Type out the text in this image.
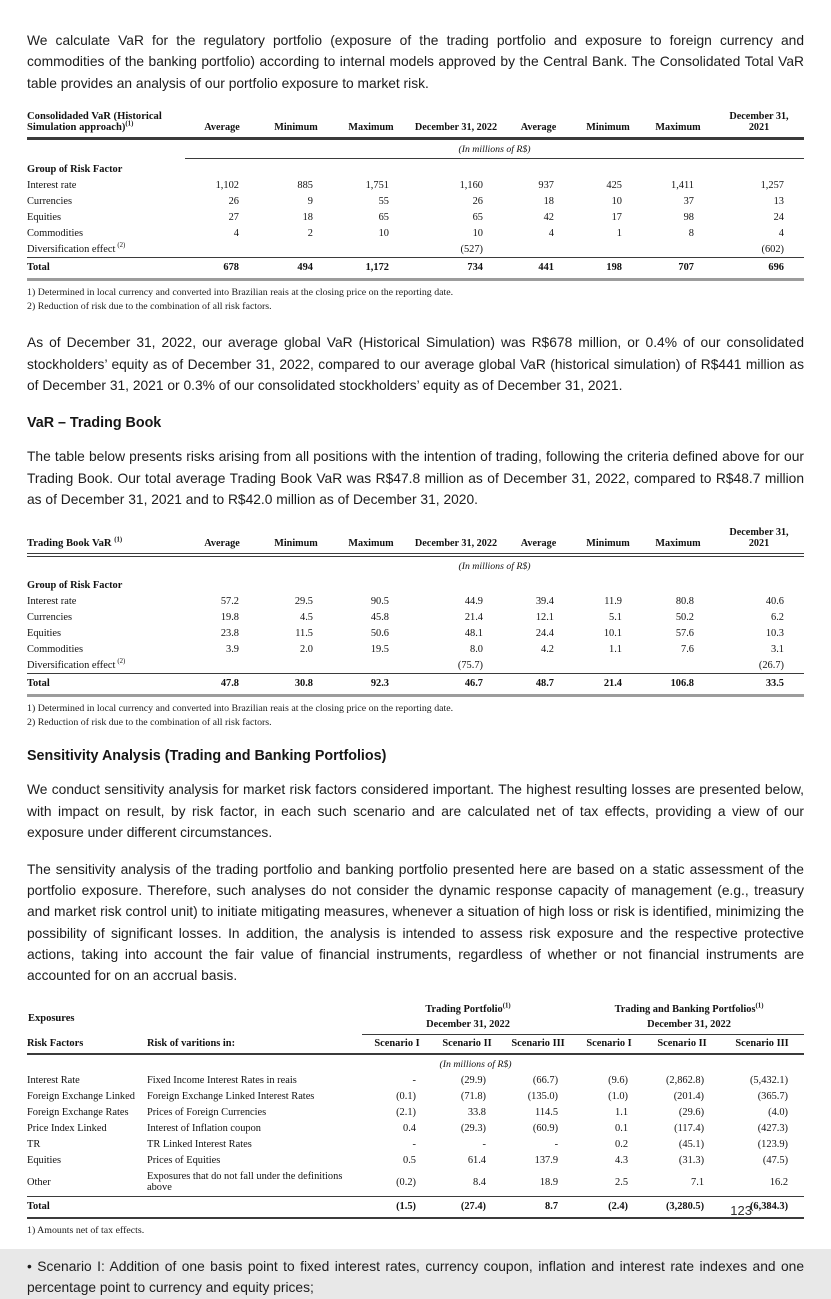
We calculate VaR for the regulatory portfolio (exposure of the trading portfolio and exposure to foreign currency and commodities of the banking portfolio) according to internal models approved by the Central Bank. The Consolidated Total VaR table provides an analysis of our portfolio exposure to market risk.

Consolidaded VaR (Historical Simulation approach)$^{(1)}$	Average	Minimum	Maximum	December 31, 2022	Average	Minimum	Maximum	December 31, 2021
	(In millions of R$)							
Group of Risk Factor								
Interest rate	1,102	885	1,751	1,160	937	425	1,411	1,257
Currencies	26	9	55	26	18	10	37	13
Equities	27	18	65	65	42	17	98	24
Commodities	4	2	10	10	4	1	8	4
Diversification effect $^{(2)}$				(527)				(602)
Total	678	494	1,172	734	441	198	707	696

1) Determined in local currency and converted into Brazilian reais at the closing price on the reporting date.

2) Reduction of risk due to the combination of all risk factors.

As of December 31, 2022, our average global VaR (Historical Simulation) was R$678 million, or 0.4% of our consolidated stockholders’ equity as of December 31, 2022, compared to our average global VaR (historical simulation) of R$441 million as of December 31, 2021 or 0.3% of our consolidated stockholders’ equity as of December 31, 2021.

VaR – Trading Book

The table below presents risks arising from all positions with the intention of trading, following the criteria defined above for our Trading Book. Our total average Trading Book VaR was R$47.8 million as of December 31, 2022, compared to R$48.7 million as of December 31, 2021 and to R$42.0 million as of December 31, 2020.

Trading Book VaR $^{(1)}$	Average	Minimum	Maximum	December 31, 2022	Average	Minimum	Maximum	December 31, 2021
	(In millions of R$)							
Group of Risk Factor								
Interest rate	57.2	29.5	90.5	44.9	39.4	11.9	80.8	40.6
Currencies	19.8	4.5	45.8	21.4	12.1	5.1	50.2	6.2
Equities	23.8	11.5	50.6	48.1	24.4	10.1	57.6	10.3
Commodities	3.9	2.0	19.5	8.0	4.2	1.1	7.6	3.1
Diversification effect $^{(2)}$				(75.7)				(26.7)
Total	47.8	30.8	92.3	46.7	48.7	21.4	106.8	33.5

1) Determined in local currency and converted into Brazilian reais at the closing price on the reporting date.

2) Reduction of risk due to the combination of all risk factors.

Sensitivity Analysis (Trading and Banking Portfolios)

We conduct sensitivity analysis for market risk factors considered important. The highest resulting losses are presented below, with impact on result, by risk factor, in each such scenario and are calculated net of tax effects, providing a view of our exposure under different circumstances.

The sensitivity analysis of the trading portfolio and banking portfolio presented here are based on a static assessment of the portfolio exposure. Therefore, such analyses do not consider the dynamic response capacity of management (e.g., treasury and market risk control unit) to initiate mitigating measures, whenever a situation of high loss or risk is identified, minimizing the possibility of significant losses. In addition, the analysis is intended to assess risk exposure and the respective protective actions, taking into account the fair value of financial instruments, regardless of whether or not financial instruments are accounted for on an accrual basis.

Exposures		Trading Portfolio$^{(1)}$			Trading and Banking Portfolios$^{(1)}$
		December 31, 2022			December 31, 2022		
Risk Factors	Risk of varitions in:	Scenario I	Scenario II	Scenario III	Scenario I	Scenario II	Scenario III
	(In millions of R$)						
Interest Rate	Fixed Income Interest Rates in reais	-	(29.9)	(66.7)	(9.6)	(2,862.8)	(5,432.1)
Foreign Exchange Linked	Foreign Exchange Linked Interest Rates	(0.1)	(71.8)	(135.0)	(1.0)	(201.4)	(365.7)
Foreign Exchange Rates	Prices of Foreign Currencies	(2.1)	33.8	114.5	1.1	(29.6)	(4.0)
Price Index Linked	Interest of Inflation coupon	0.4	(29.3)	(60.9)	0.1	(117.4)	(427.3)
TR	TR Linked Interest Rates	-	-	-	0.2	(45.1)	(123.9)
Equities	Prices of Equities	0.5	61.4	137.9	4.3	(31.3)	(47.5)
Other	Exposures that do not fall under the definitions above	(0.2)	8.4	18.9	2.5	7.1	16.2
Total		(1.5)	(27.4)	8.7	(2.4)	(3,280.5)	(6,384.3)

1) Amounts net of tax effects.

• Scenario I: Addition of one basis point to fixed interest rates, currency coupon, inflation and interest rate indexes and one percentage point to currency and equity prices;

123
